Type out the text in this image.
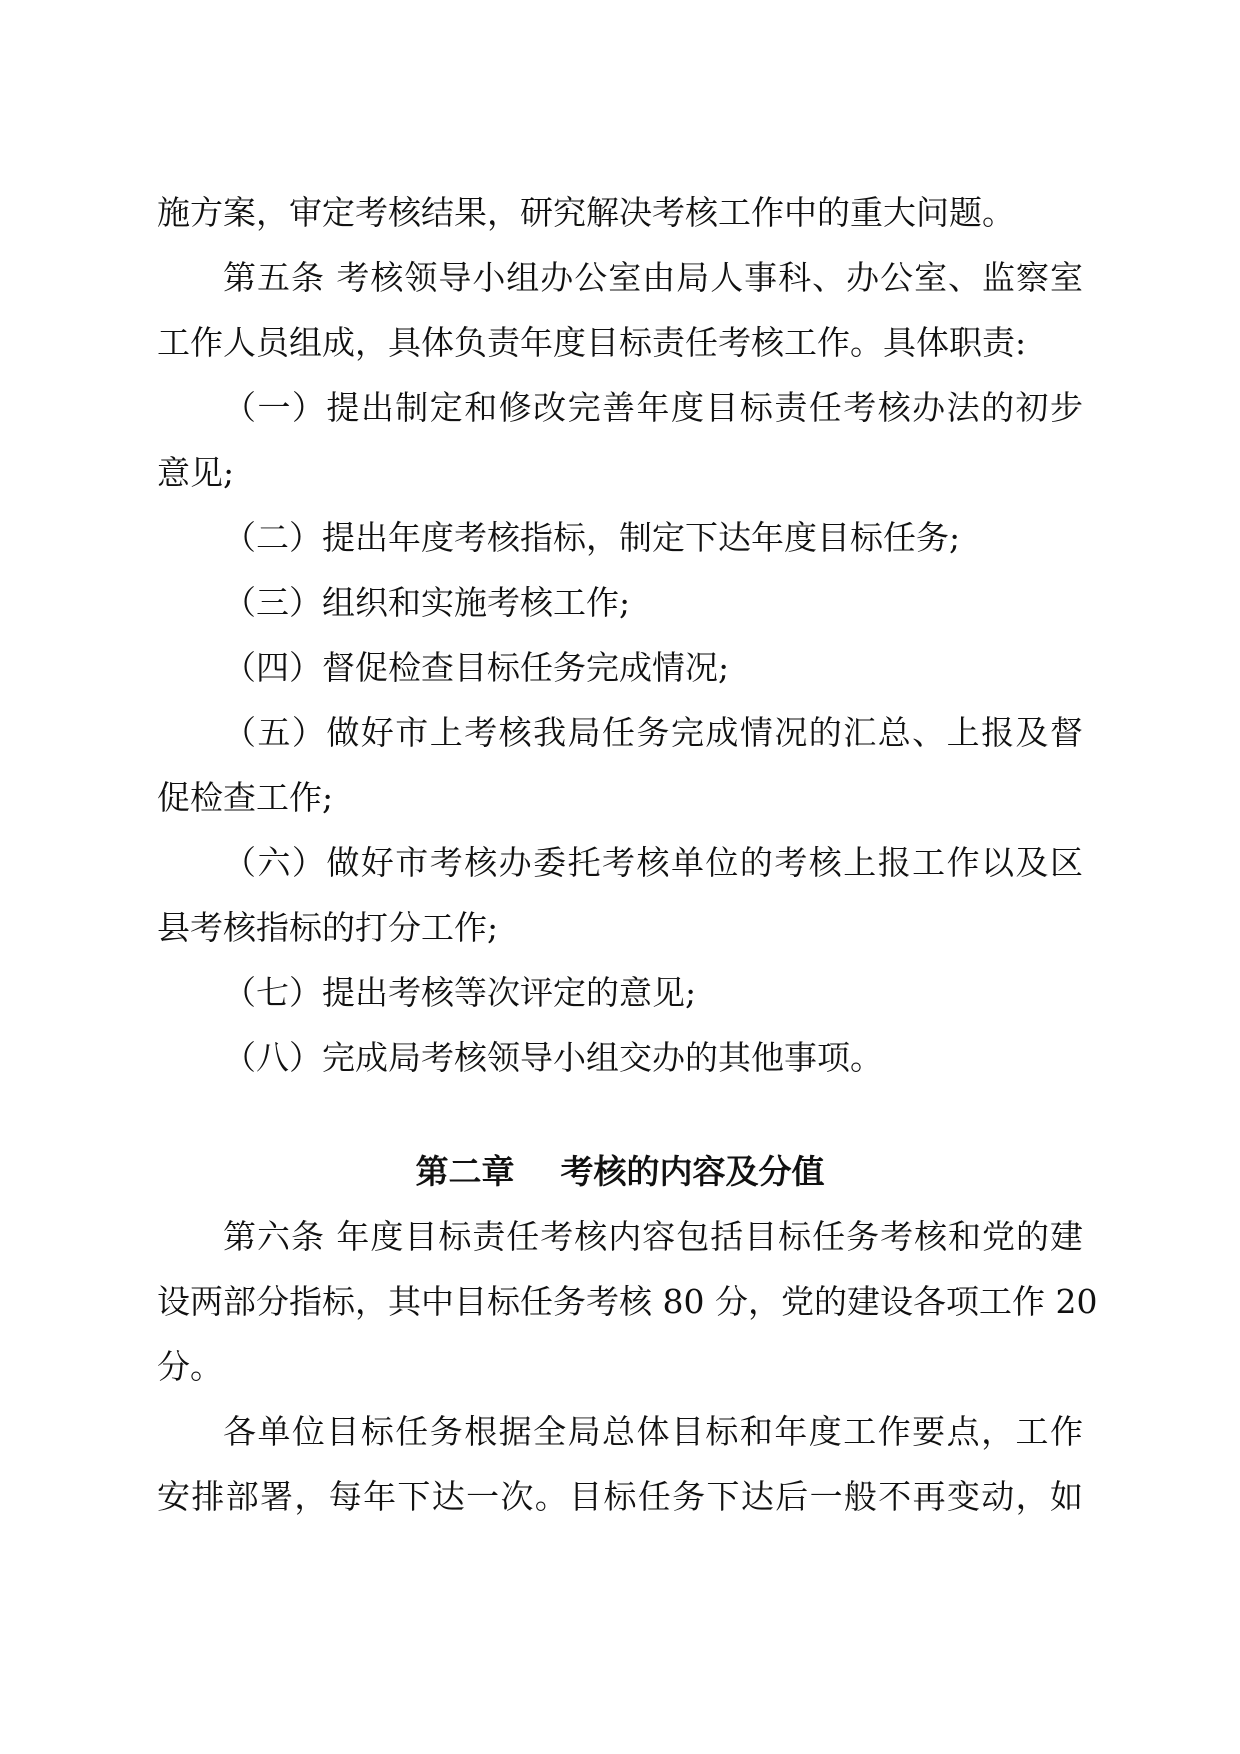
施方案，审定考核结果，研究解决考核工作中的重大问题。
第五条 考核领导小组办公室由局人事科、办公室、监察室
工作人员组成，具体负责年度目标责任考核工作。具体职责:
（一）提出制定和修改完善年度目标责任考核办法的初步
意见;
（二）提出年度考核指标，制定下达年度目标任务;
（三）组织和实施考核工作;
（四）督促检查目标任务完成情况;
（五）做好市上考核我局任务完成情况的汇总、上报及督
促检查工作;
（六）做好市考核办委托考核单位的考核上报工作以及区
县考核指标的打分工作;
（七）提出考核等次评定的意见;
（八）完成局考核领导小组交办的其他事项。
第二章    考核的内容及分值
第六条 年度目标责任考核内容包括目标任务考核和党的建
设两部分指标，其中目标任务考核 80 分，党的建设各项工作 20
分。
各单位目标任务根据全局总体目标和年度工作要点，工作
安排部署，每年下达一次。目标任务下达后一般不再变动，如
